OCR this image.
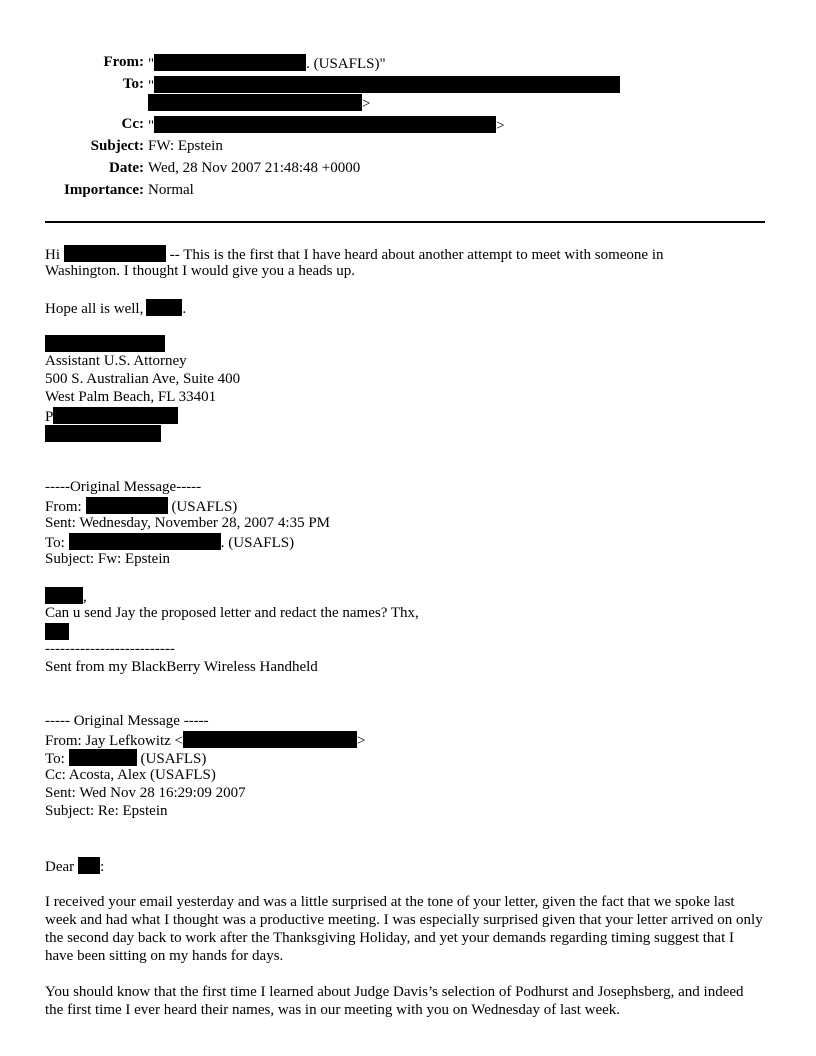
From: "	. (USAFLS)"
To: "
>
Cc: "	>
Subject: FW: Epstein
Date: Wed, 28 Nov 2007 21:48:48 +0000
Importance: Normal
Hi	-- This is the first that I have heard about another attempt to meet with someone in
Washington. I thought I would give you a heads up.
Hope all is well,	.
Assistant U.S. Attorney
500 S. Australian Ave, Suite 400
West Palm Beach, FL 33401
P
-----Original Message-----
From:	(USAFLS)
Sent: Wednesday, November 28, 2007 4:35 PM
To:	. (USAFLS)
Subject: Fw: Epstein
,
Can u send Jay the proposed letter and redact the names? Thx,
--------------------------
Sent from my BlackBerry Wireless Handheld
----- Original Message -----
From: Jay Lefkowitz <	>
To:	(USAFLS)
Cc: Acosta, Alex (USAFLS)
Sent: Wed Nov 28 16:29:09 2007
Subject: Re: Epstein
Dear :
I received your email yesterday and was a little surprised at the tone of your letter, given the fact that we spoke last week and had what I thought was a productive meeting. I was especially surprised given that your letter arrived on only the second day back to work after the Thanksgiving Holiday, and yet your demands regarding timing suggest that I have been sitting on my hands for days.
You should know that the first time I learned about Judge Davis’s selection of Podhurst and Josephsberg, and indeed the first time I ever heard their names, was in our meeting with you on Wednesday of last week.
